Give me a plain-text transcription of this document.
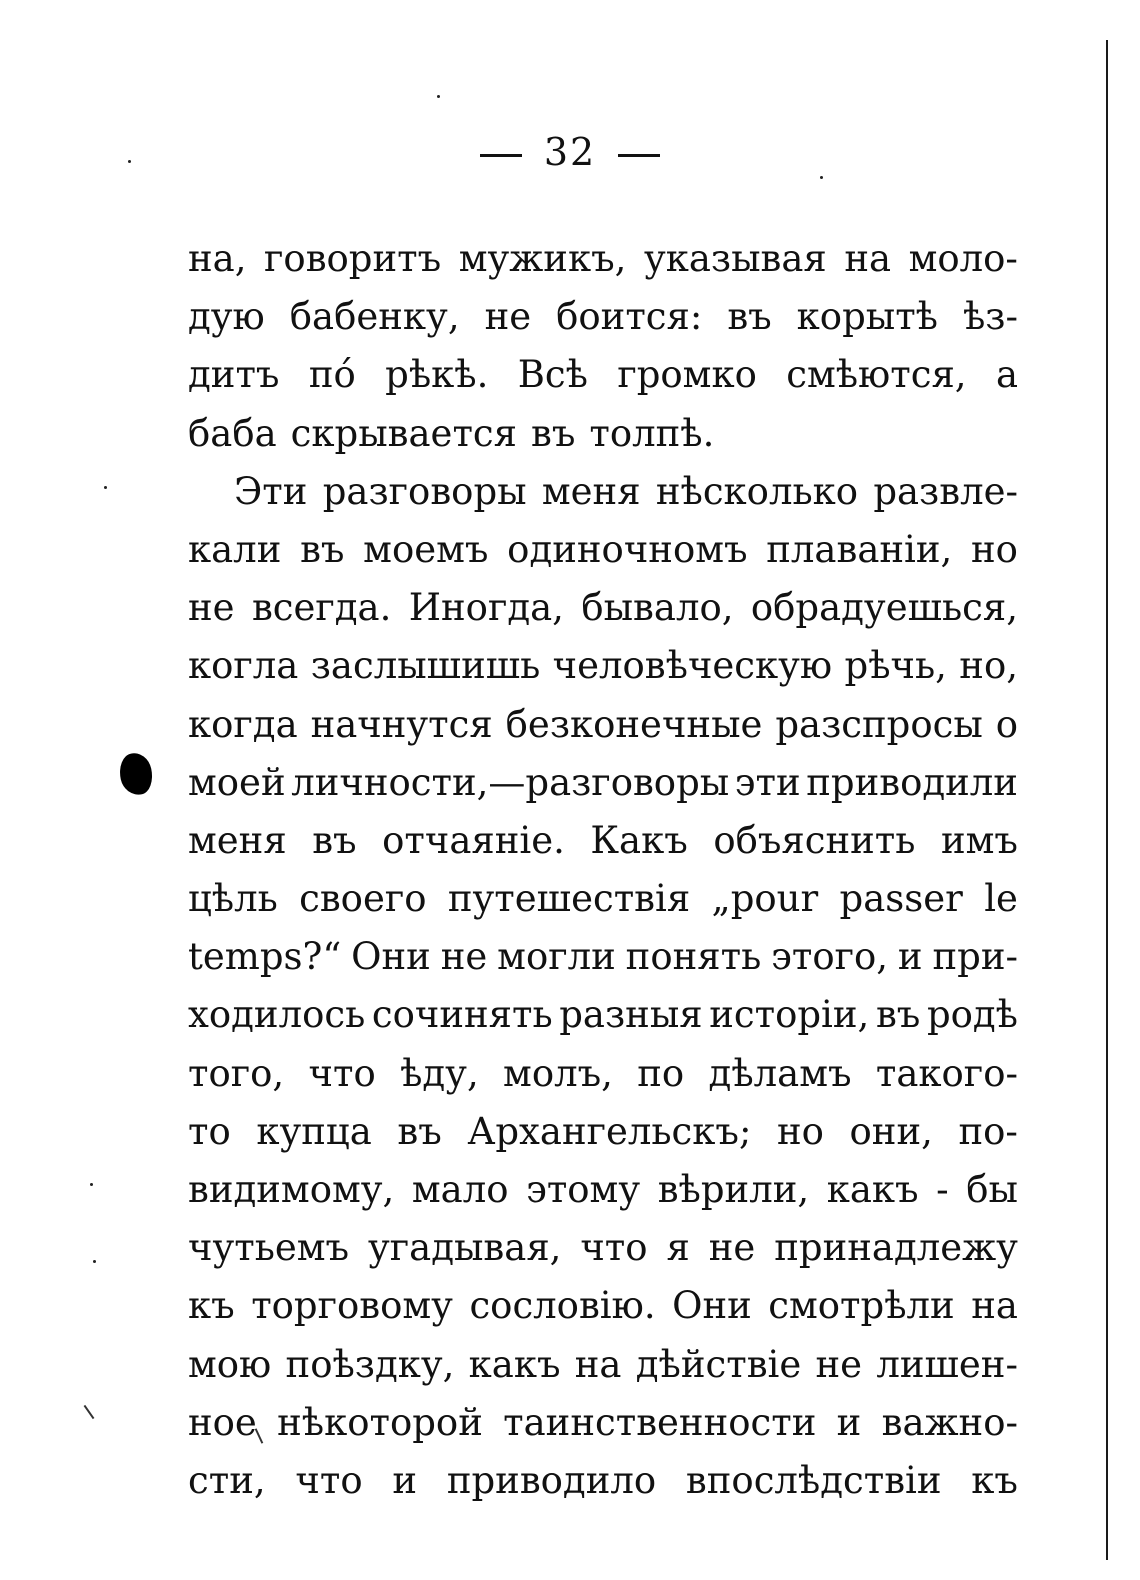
32
на, говоритъ мужикъ, указывая на моло-
дую бабенку, не боится: въ корытѣ ѣз-
дитъ по́ рѣкѣ. Всѣ громко смѣются, а
баба скрывается въ толпѣ.
Эти разговоры меня нѣсколько развле-
кали въ моемъ одиночномъ плаваніи, но
не всегда. Иногда, бывало, обрадуешься,
когла заслышишь человѣческую рѣчь, но,
когда начнутся безконечные разспросы о
моей личности,—разговоры эти приводили
меня въ отчаяніе. Какъ объяснить имъ
цѣль своего путешествія „pour passer le
temps?“ Они не могли понять этого, и при-
ходилось сочинять разныя исторіи, въ родѣ
того, что ѣду, молъ, по дѣламъ такого-
то купца въ Архангельскъ; но они, по-
видимому, мало этому вѣрили, какъ - бы
чутьемъ угадывая, что я не принадлежу
къ торговому сословію. Они смотрѣли на
мою поѣздку, какъ на дѣйствіе не лишен-
ное нѣкоторой таинственности и важно-
сти, что и приводило впослѣдствіи къ
